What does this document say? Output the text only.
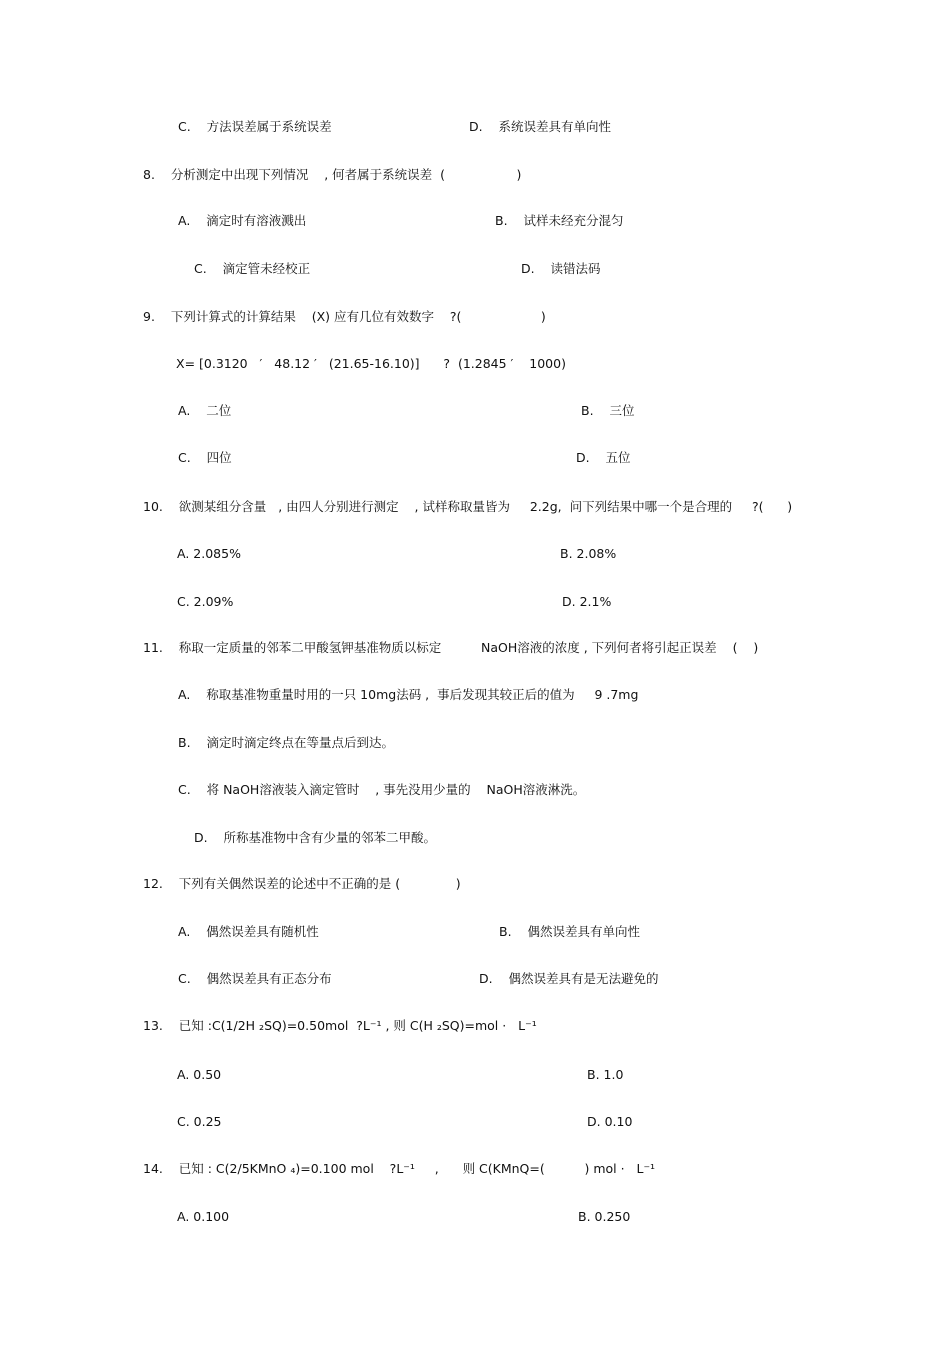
C.    方法误差属于系统误差	D.    系统误差具有单向性
8.    分析测定中出现下列情况    , 何者属于系统误差  (                  )
A.    滴定时有溶液溅出	B.    试样未经充分混匀
C.    滴定管未经校正	D.    读错法码
9.    下列计算式的计算结果    (X) 应有几位有效数字    ?(                    )
X= [0.3120   ′   48.12 ′   (21.65-16.10)]      ?  (1.2845 ′    1000)
A.    二位	B.    三位
C.    四位	D.    五位
10.    欲测某组分含量   , 由四人分别进行测定    , 试样称取量皆为     2.2g,  问下列结果中哪一个是合理的     ?(      )
A. 2.085%	B. 2.08%
C. 2.09%	D. 2.1%
11.    称取一定质量的邻苯二甲酸氢钾基准物质以标定          NaOH溶液的浓度 , 下列何者将引起正误差    (    )
A.    称取基准物重量时用的一只 10mg法码 ,  事后发现其较正后的值为     9 .7mg
B.    滴定时滴定终点在等量点后到达。
C.    将 NaOH溶液装入滴定管时    , 事先没用少量的    NaOH溶液淋洗。
D.    所称基准物中含有少量的邻苯二甲酸。
12.    下列有关偶然误差的论述中不正确的是 (              )
A.    偶然误差具有随机性	B.    偶然误差具有单向性
C.    偶然误差具有正态分布	D.    偶然误差具有是无法避免的
13.    已知 :C(1/2H ₂SQ)=0.50mol  ?L⁻¹ , 则 C(H ₂SQ)=mol ·   L⁻¹
A. 0.50	B. 1.0
C. 0.25	D. 0.10
14.    已知 : C(2/5KMnO ₄)=0.100 mol    ?L⁻¹     ,      则 C(KMnQ=(          ) mol ·   L⁻¹
A. 0.100	B. 0.250
